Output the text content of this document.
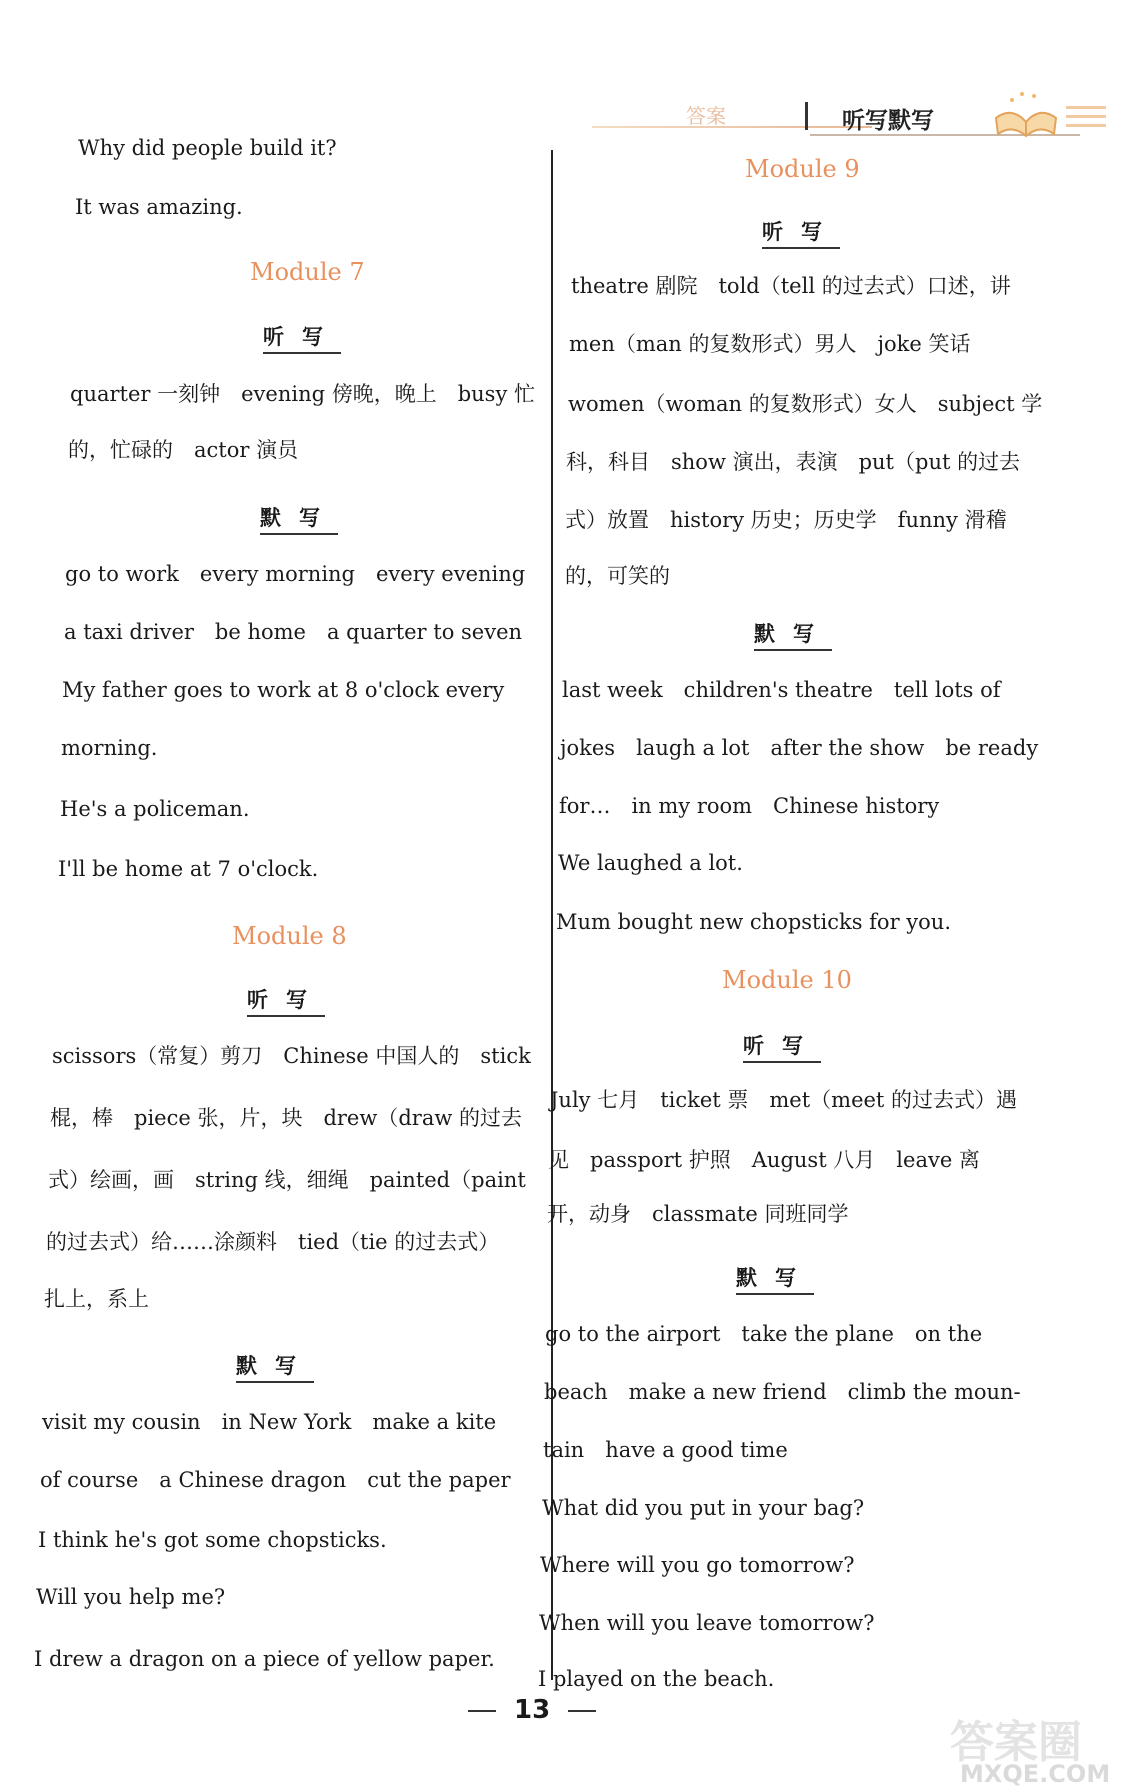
答案	听写默写
Why did people build it?
It was amazing.
Module 7
听写
quarter 一刻钟　evening 傍晚，晚上　busy 忙
的，忙碌的　actor 演员
默写
go to work　every morning　every evening
a taxi driver　be home　a quarter to seven
My father goes to work at 8 o'clock every
morning.
He's a policeman.
I'll be home at 7 o'clock.
Module 8
听写
scissors（常复）剪刀　Chinese 中国人的　stick
棍，棒　piece 张，片，块　drew（draw 的过去
式）绘画，画　string 线，细绳　painted（paint
的过去式）给……涂颜料　tied（tie 的过去式）
扎上，系上
默写
visit my cousin　in New York　make a kite
of course　a Chinese dragon　cut the paper
I think he's got some chopsticks.
Will you help me?
I drew a dragon on a piece of yellow paper.
Module 9
听写
theatre 剧院　told（tell 的过去式）口述，讲
men（man 的复数形式）男人　joke 笑话
women（woman 的复数形式）女人　subject 学
科，科目　show 演出，表演　put（put 的过去
式）放置　history 历史；历史学　funny 滑稽
的，可笑的
默写
last week　children's theatre　tell lots of
jokes　laugh a lot　after the show　be ready
for…　in my room　Chinese history
We laughed a lot.
Mum bought new chopsticks for you.
Module 10
听写
July 七月　ticket 票　met（meet 的过去式）遇
见　passport 护照　August 八月　leave 离
开，动身　classmate 同班同学
默写
go to the airport　take the plane　on the
beach　make a new friend　climb the moun-
tain　have a good time
What did you put in your bag?
Where will you go tomorrow?
When will you leave tomorrow?
I played on the beach.
13
答案圈
MXQE.COM
